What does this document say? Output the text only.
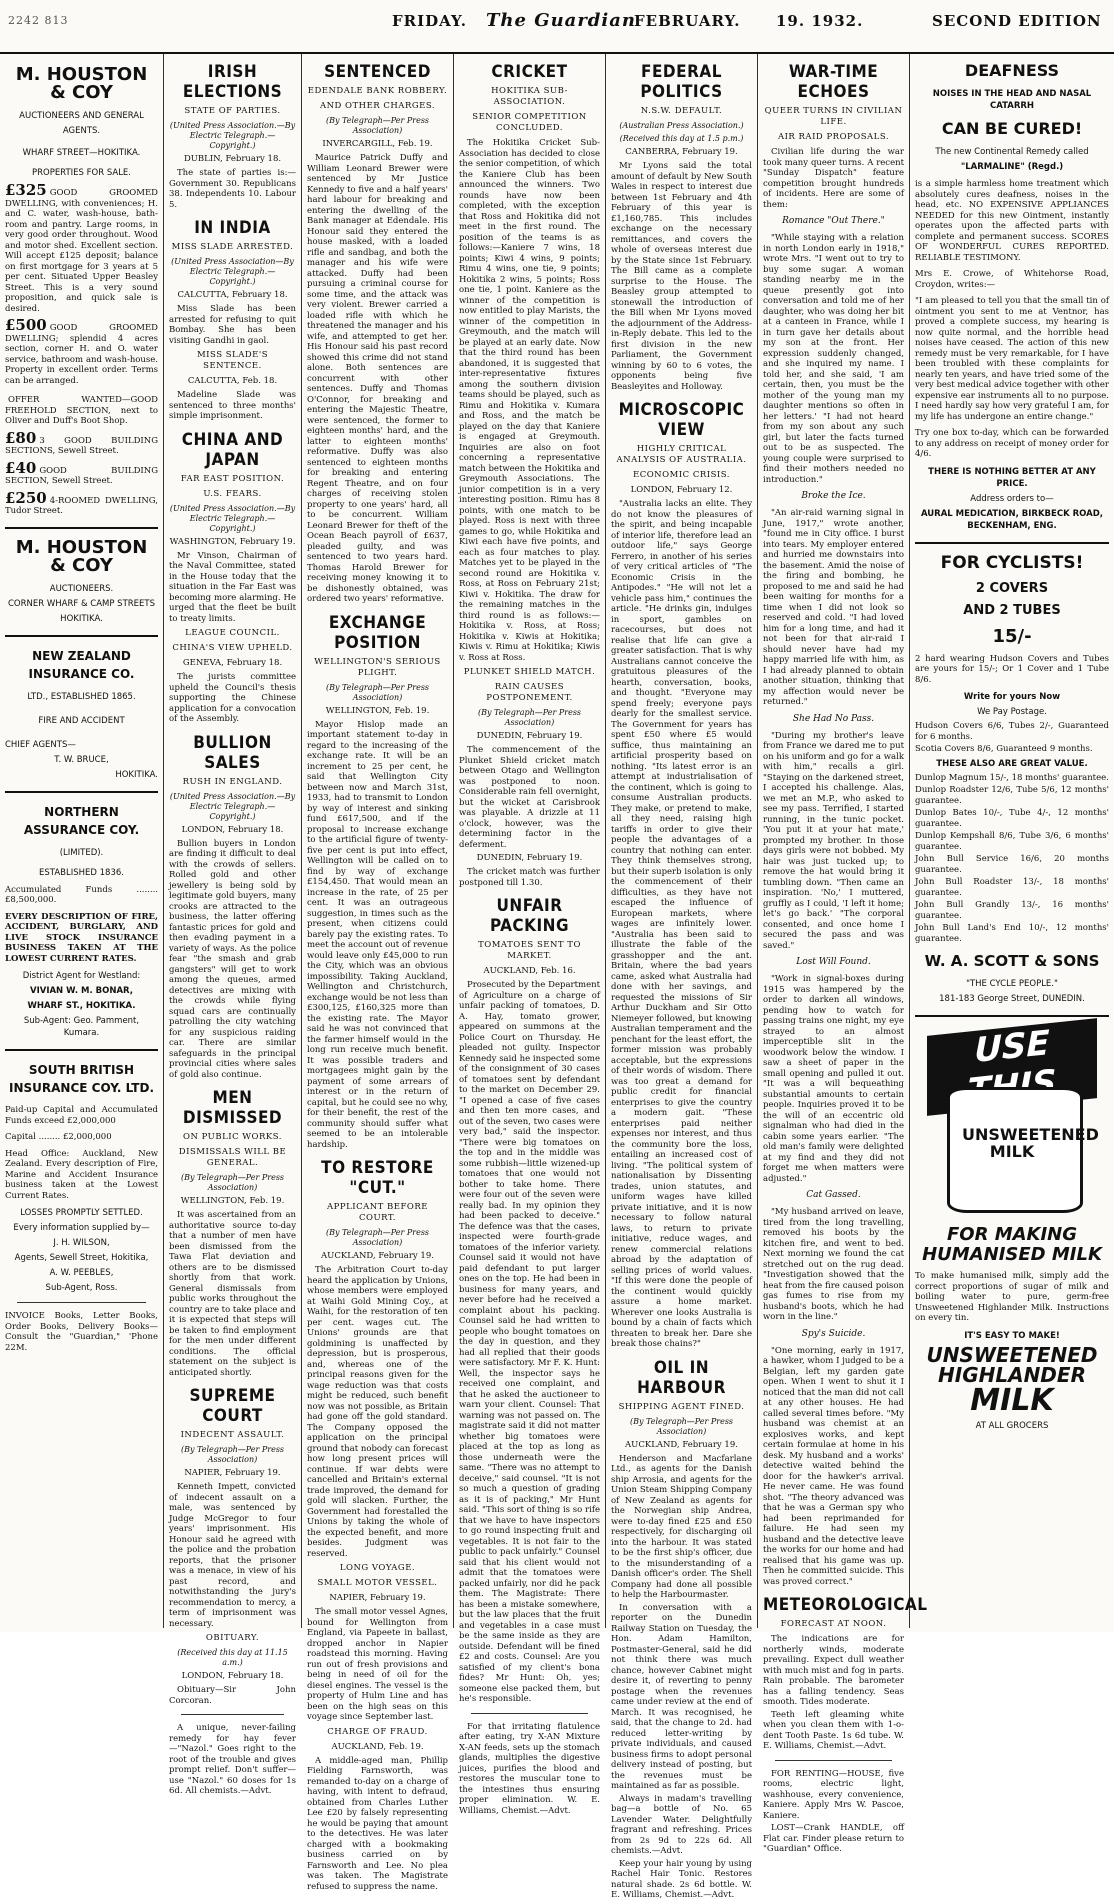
2242 813	FRIDAY. The Guardian
FEBRUARY. 19. 1932.	SECOND EDITION
M. HOUSTON & COY
AUCTIONEERS AND GENERAL
AGENTS.
WHARF STREET—HOKITIKA.
PROPERTIES FOR SALE.
£325 GOOD GROOMED DWELLING, with conveniences; H. and C. water, wash-house, bath-room and pantry. Large rooms, in very good order throughout. Wood and motor shed. Excellent section. Will accept £125 deposit; balance on first mortgage for 3 years at 5 per cent. Situated Upper Beasley Street. This is a very sound proposition, and quick sale is desired.
£500 GOOD GROOMED DWELLING; splendid 4 acres section, corner H. and O. water service, bathroom and wash-house. Property in excellent order. Terms can be arranged.
OFFER WANTED—GOOD FREEHOLD SECTION, next to Oliver and Duff's Boot Shop.
£80 3 GOOD BUILDING SECTIONS, Sewell Street.
£40 GOOD BUILDING SECTION, Sewell Street.
£250 4-ROOMED DWELLING, Tudor Street.
M. HOUSTON & COY
AUCTIONEERS.
CORNER WHARF & CAMP STREETS
HOKITIKA.
NEW ZEALAND INSURANCE CO.
LTD., ESTABLISHED 1865.
FIRE AND ACCIDENT
CHIEF AGENTS—
T. W. BRUCE,
HOKITIKA.
NORTHERN ASSURANCE COY.
(LIMITED).
ESTABLISHED 1836.
Accumulated Funds ........ £8,500,000.
EVERY DESCRIPTION OF FIRE, ACCIDENT, BURGLARY, AND LIVE STOCK INSURANCE BUSINESS TAKEN AT THE LOWEST CURRENT RATES.
District Agent for Westland:
VIVIAN W. M. BONAR,
WHARF ST., HOKITIKA.
Sub-Agent: Geo. Pamment, Kumara.
SOUTH BRITISH INSURANCE COY. LTD.
Paid-up Capital and Accumulated Funds exceed £2,000,000
Capital ........ £2,000,000
Head Office: Auckland, New Zealand. Every description of Fire, Marine and Accident Insurance business taken at the Lowest Current Rates.
LOSSES PROMPTLY SETTLED.
Every information supplied by—
J. H. WILSON,
Agents, Sewell Street, Hokitika,
A. W. PEEBLES,
Sub-Agent, Ross.
INVOICE Books, Letter Books, Order Books, Delivery Books—Consult the "Guardian," 'Phone 22M.
IRISH ELECTIONS
STATE OF PARTIES.
(United Press Association.—By Electric Telegraph.—Copyright.)
DUBLIN, February 18.
The state of parties is:— Government 30. Republicans 38. Independents 10. Labour 5.
IN INDIA
MISS SLADE ARRESTED.
(United Press Association—By Electric Telegraph.—Copyright.)
CALCUTTA, February 18.
Miss Slade has been arrested for refusing to quit Bombay. She has been visiting Gandhi in gaol.
MISS SLADE'S SENTENCE.
CALCUTTA, Feb. 18.
Madeline Slade was sentenced to three months' simple imprisonment.
CHINA AND JAPAN
FAR EAST POSITION.
U.S. FEARS.
(United Press Association.—By Electric Telegraph.—Copyright.)
WASHINGTON, February 19.
Mr Vinson, Chairman of the Naval Committee, stated in the House today that the situation in the Far East was becoming more alarming. He urged that the fleet be built to treaty limits.
LEAGUE COUNCIL.
CHINA'S VIEW UPHELD.
GENEVA, February 18.
The jurists committee upheld the Council's thesis supporting the Chinese application for a convocation of the Assembly.
BULLION SALES
RUSH IN ENGLAND.
(United Press Association.—By Electric Telegraph.—Copyright.)
LONDON, February 18.
Bullion buyers in London are finding it difficult to deal with the crowds of sellers. Rolled gold and other jewellery is being sold by legitimate gold buyers, many crooks are attracted to the business, the latter offering fantastic prices for gold and then evading payment in a variety of ways. As the police fear "the smash and grab gangsters" will get to work among the queues, armed detectives are mixing with the crowds while flying squad cars are continually patrolling the city watching for any suspicious raiding car. There are similar safeguards in the principal provincial cities where sales of gold also continue.
MEN DISMISSED
ON PUBLIC WORKS.
DISMISSALS WILL BE GENERAL.
(By Telegraph—Per Press Association)
WELLINGTON, Feb. 19.
It was ascertained from an authoritative source to-day that a number of men have been dismissed from the Tawa Flat deviation and others are to be dismissed shortly from that work. General dismissals from public works throughout the country are to take place and it is expected that steps will be taken to find employment for the men under different conditions. The official statement on the subject is anticipated shortly.
SUPREME COURT
INDECENT ASSAULT.
(By Telegraph—Per Press Association)
NAPIER, February 19.
Kenneth Impett, convicted of indecent assault on a male, was sentenced by Judge McGregor to four years' imprisonment. His Honour said he agreed with the police and the probation reports, that the prisoner was a menace, in view of his past record, and notwithstanding the jury's recommendation to mercy, a term of imprisonment was necessary.
OBITUARY.
(Received this day at 11.15 a.m.)
LONDON, February 18.
Obituary—Sir John Corcoran.
A unique, never-failing remedy for hay fever—"Nazol." Goes right to the root of the trouble and gives prompt relief. Don't suffer—use "Nazol." 60 doses for 1s 6d. All chemists.—Advt.
SENTENCED
EDENDALE BANK ROBBERY.
AND OTHER CHARGES.
(By Telegraph—Per Press Association)
INVERCARGILL, Feb. 19.
Maurice Patrick Duffy and William Leonard Brewer were sentenced by Mr Justice Kennedy to five and a half years' hard labour for breaking and entering the dwelling of the Bank manager at Edendale. His Honour said they entered the house masked, with a loaded rifle and sandbag, and both the manager and his wife were attacked. Duffy had been pursuing a criminal course for some time, and the attack was very violent. Brewer carried a loaded rifle with which he threatened the manager and his wife, and attempted to get her. His Honour said his past record showed this crime did not stand alone. Both sentences are concurrent with other sentences. Duffy and Thomas O'Connor, for breaking and entering the Majestic Theatre, were sentenced, the former to eighteen months' hard, and the latter to eighteen months' reformative. Duffy was also sentenced to eighteen months for breaking and entering Regent Theatre, and on four charges of receiving stolen property to one years' hard, all to be concurrent. William Leonard Brewer for theft of the Ocean Beach payroll of £637, pleaded guilty, and was sentenced to two years hard. Thomas Harold Brewer for receiving money knowing it to be dishonestly obtained, was ordered two years' reformative.
EXCHANGE POSITION
WELLINGTON'S SERIOUS PLIGHT.
(By Telegraph—Per Press Association)
WELLINGTON, Feb. 19.
Mayor Hislop made an important statement to-day in regard to the increasing of the exchange rate. It will be an increment to 25 per cent, he said that Wellington City between now and March 31st, 1933, had to transmit to London by way of interest and sinking fund £617,500, and if the proposal to increase exchange to the artificial figure of twenty-five per cent is put into effect, Wellington will be called on to find by way of exchange £154,450. That would mean an increase in the rate, of 25 per cent. It was an outrageous suggestion, in times such as the present, when citizens could barely pay the existing rates. To meet the account out of revenue would leave only £45,000 to run the City, which was an obvious impossibility. Taking Auckland, Wellington and Christchurch, exchange would be not less than £300,125, £160,325 more than the existing rate. The Mayor said he was not convinced that the farmer himself would in the long run receive much benefit. It was possible traders and mortgagees might gain by the payment of some arrears of interest or in the return of capital, but he could see no why, for their benefit, the rest of the community should suffer what seemed to be an intolerable hardship.
TO RESTORE "CUT."
APPLICANT BEFORE COURT.
(By Telegraph—Per Press Association)
AUCKLAND, February 19.
The Arbitration Court to-day heard the application by Unions, whose members were employed at Waihi Gold Mining Coy., at Waihi, for the restoration of ten per cent. wages cut. The Unions' grounds are that goldmining is unaffected by depression, but is prosperous, and, whereas one of the principal reasons given for the wage reduction was that costs might be reduced, such benefit now was not possible, as Britain had gone off the gold standard. The Company opposed the application on the principal ground that nobody can forecast how long present prices will continue. If war debts were cancelled and Britain's external trade improved, the demand for gold will slacken. Further, the Government had forestalled the Unions by taking the whole of the expected benefit, and more besides. Judgment was reserved.
LONG VOYAGE.
SMALL MOTOR VESSEL.
NAPIER, February 19.
The small motor vessel Agnes, bound for Wellington from England, via Papeete in ballast, dropped anchor in Napier roadstead this morning. Having run out of fresh provisions and being in need of oil for the diesel engines. The vessel is the property of Hulm Line and has been on the high seas on this voyage since September last.
CHARGE OF FRAUD.
AUCKLAND, Feb. 19.
A middle-aged man, Phillip Fielding Farnsworth, was remanded to-day on a charge of having, with intent to defraud, obtained from Charles Luther Lee £20 by falsely representing he would be paying that amount to the detectives. He was later charged with a bookmaking business carried on by Farnsworth and Lee. No plea was taken. The Magistrate refused to suppress the name.
CRICKET
HOKITIKA SUB-ASSOCIATION.
SENIOR COMPETITION CONCLUDED.
The Hokitika Cricket Sub-Association has decided to close the senior competition, of which the Kaniere Club has been announced the winners. Two rounds have now been completed, with the exception that Ross and Hokitika did not meet in the first round. The position of the teams is as follows:—Kaniere 7 wins, 18 points; Kiwi 4 wins, 9 points; Rimu 4 wins, one tie, 9 points; Hokitika 2 wins, 5 points; Ross one tie, 1 point. Kaniere as the winner of the competition is now entitled to play Marists, the winner of the competition in Greymouth, and the match will be played at an early date. Now that the third round has been abandoned, it is suggested that inter-representative fixtures among the southern division teams should be played, such as Rimu and Hokitika v. Kumara and Ross, and the match be played on the day that Kaniere is engaged at Greymouth. Inquiries are also on foot concerning a representative match between the Hokitika and Greymouth Associations. The junior competition is in a very interesting position. Rimu has 8 points, with one match to be played. Ross is next with three games to go, while Hokitika and Kiwi each have five points, and each as four matches to play. Matches yet to be played in the second round are Hokitika v. Ross, at Ross on February 21st; Kiwi v. Hokitika. The draw for the remaining matches in the third round is as follows:—Hokitika v. Ross, at Ross; Hokitika v. Kiwis at Hokitika; Kiwis v. Rimu at Hokitika; Kiwis v. Ross at Ross.
PLUNKET SHIELD MATCH.
RAIN CAUSES POSTPONEMENT.
(By Telegraph—Per Press Association)
DUNEDIN, February 19.
The commencement of the Plunket Shield cricket match between Otago and Wellington was postponed to noon. Considerable rain fell overnight, but the wicket at Carisbrook was playable. A drizzle at 11 o'clock, however, was the determining factor in the deferment.
DUNEDIN, February 19.
The cricket match was further postponed till 1.30.
UNFAIR PACKING
TOMATOES SENT TO MARKET.
AUCKLAND, Feb. 16.
Prosecuted by the Department of Agriculture on a charge of unfair packing of tomatoes, D. A. Hay, tomato grower, appeared on summons at the Police Court on Thursday. He pleaded not guilty. Inspector Kennedy said he inspected some of the consignment of 30 cases of tomatoes sent by defendant to the market on December 29. "I opened a case of five cases and then ten more cases, and out of the seven, two cases were very bad," said the inspector. "There were big tomatoes on the top and in the middle was some rubbish—little wizened-up tomatoes that one would not bother to take home. There were four out of the seven were really bad. In my opinion they had been packed to deceive." The defence was that the cases, inspected were fourth-grade tomatoes of the inferior variety. Counsel said it would not have paid defendant to put larger ones on the top. He had been in business for many years, and never before had he received a complaint about his packing. Counsel said he had written to people who bought tomatoes on the day in question, and they had all replied that their goods were satisfactory. Mr F. K. Hunt: Well, the inspector says he received one complaint, and that he asked the auctioneer to warn your client. Counsel: That warning was not passed on. The magistrate said it did not matter whether big tomatoes were placed at the top as long as those underneath were the same. "There was no attempt to deceive," said counsel. "It is not so much a question of grading as it is of packing," Mr Hunt said. "This sort of thing is so rife that we have to have inspectors to go round inspecting fruit and vegetables. It is not fair to the public to pack unfairly." Counsel said that his client would not admit that the tomatoes were packed unfairly, nor did he pack them. The Magistrate: There has been a mistake somewhere, but the law places that the fruit and vegetables in a case must be the same inside as they are outside. Defendant will be fined £2 and costs. Counsel: Are you satisfied of my client's bona fides? Mr Hunt: Oh, yes; someone else packed them, but he's responsible.
For that irritating flatulence after eating, try X-AN Mixture X-AN feeds, sets up the stomach glands, multiplies the digestive juices, purifies the blood and restores the muscular tone to the intestines thus ensuring proper elimination. W. E. Williams, Chemist.—Advt.
FEDERAL POLITICS
N.S.W. DEFAULT.
(Australian Press Association.)
(Received this day at 1.5 p.m.)
CANBERRA, February 19.
Mr Lyons said the total amount of default by New South Wales in respect to interest due between 1st February and 4th February of this year is £1,160,785. This includes exchange on the necessary remittances, and covers the whole of overseas interest due by the State since 1st February. The Bill came as a complete surprise to the House. The Beasley group attempted to stonewall the introduction of the Bill when Mr Lyons moved the adjournment of the Address-in-Reply debate. This led to the first division in the new Parliament, the Government winning by 60 to 6 votes, the opponents being five Beasleyites and Holloway.
MICROSCOPIC VIEW
HIGHLY CRITICAL ANALYSIS OF AUSTRALIA.
ECONOMIC CRISIS.
LONDON, February 12.
"Australia lacks an elite. They do not know the pleasures of the spirit, and being incapable of interior life, therefore lead an outdoor life," says George Ferrero, in another of his series of very critical articles of "The Economic Crisis in the Antipodes." "He will not let a vehicle pass him," continues the article. "He drinks gin, indulges in sport, gambles on racecourses, but does not realise that life can give a greater satisfaction. That is why Australians cannot conceive the gratuitous pleasures of the hearth, conversation, books, and thought. "Everyone may spend freely; everyone pays dearly for the smallest service. The Government for years has spent £50 where £5 would suffice, thus maintaining an artificial prosperity based on nothing. "Its latest error is an attempt at industrialisation of the continent, which is going to consume Australian products. They make, or pretend to make, all they need, raising high tariffs in order to give their people the advantages of a country that nothing can enter. They think themselves strong, but their superb isolation is only the commencement of their difficulties, as they have not escaped the influence of European markets, where wages are infinitely lower. "Australia has been said to illustrate the fable of the grasshopper and the ant. Britain, where the bad years came, asked what Australia had done with her savings, and requested the missions of Sir Arthur Duckham and Sir Otto Niemeyer followed, but knowing Australian temperament and the penchant for the least effort, the former mission was probably acceptable, but the expressions of their words of wisdom. There was too great a demand for public credit for financial enterprises to give the country a modern gait. "These enterprises paid neither expenses nor interest, and thus the community bore the loss, entailing an increased cost of living. "The political system of nationalisation by Dissenting trades, union statutes, and uniform wages have killed private initiative, and it is now necessary to follow natural laws, to return to private initiative, reduce wages, and renew commercial relations abroad by the adaptation of selling prices of world values. "If this were done the people of the continent would quickly assure a home market. Wherever one looks Australia is bound by a chain of facts which threaten to break her. Dare she break those chains?"
OIL IN HARBOUR
SHIPPING AGENT FINED.
(By Telegraph—Per Press Association)
AUCKLAND, February 19.
Henderson and Macfarlane Ltd., as agents for the Danish ship Arrosia, and agents for the Union Steam Shipping Company of New Zealand as agents for the Norwegian ship Andrea, were to-day fined £25 and £50 respectively, for discharging oil into the harbour. It was stated to be the first ship's officer, due to the misunderstanding of a Danish officer's order. The Shell Company had done all possible to help the Harbourmaster.
In conversation with a reporter on the Dunedin Railway Station on Tuesday, the Hon. Adam Hamilton, Postmaster-General, said he did not think there was much chance, however Cabinet might desire it, of reverting to penny postage when the revenues came under review at the end of March. It was recognised, he said, that the change to 2d. had reduced letter-writing by private individuals, and caused business firms to adopt personal delivery instead of posting, but the revenues must be maintained as far as possible.
Always in madam's travelling bag—a bottle of No. 65 Lavender Water. Delightfully fragrant and refreshing. Prices from 2s 9d to 22s 6d. All chemists.—Advt.
Keep your hair young by using Rachel Hair Tonic. Restores natural shade. 2s 6d bottle. W. E. Williams, Chemist.—Advt.
WAR-TIME ECHOES
QUEER TURNS IN CIVILIAN LIFE.
AIR RAID PROPOSALS.
Civilian life during the war took many queer turns. A recent "Sunday Dispatch" feature competition brought hundreds of incidents. Here are some of them:
Romance "Out There."
"While staying with a relation in north London early in 1918," wrote Mrs. "I went out to try to buy some sugar. A woman standing nearby me in the queue presently got into conversation and told me of her daughter, who was doing her bit at a canteen in France, while I in turn gave her details about my son at the front. Her expression suddenly changed, and she inquired my name. I told her, and she said, 'I am certain, then, you must be the mother of the young man my daughter mentions so often in her letters.' "I had not heard from my son about any such girl, but later the facts turned out to be as suspected. The young couple were surprised to find their mothers needed no introduction."
Broke the Ice.
"An air-raid warning signal in June, 1917," wrote another, "found me in City office. I burst into tears. My employer entered and hurried me downstairs into the basement. Amid the noise of the firing and bombing, he proposed to me and said he had been waiting for months for a time when I did not look so reserved and cold. "I had loved him for a long time, and had it not been for that air-raid I should never have had my happy married life with him, as I had already planned to obtain another situation, thinking that my affection would never be returned."
She Had No Pass.
"During my brother's leave from France we dared me to put on his uniform and go for a walk with him," recalls a girl. "Staying on the darkened street, I accepted his challenge. Alas, we met an M.P., who asked to see my pass. Terrified, I started running, in the tunic pocket. 'You put it at your hat mate,' prompted my brother. In those days girls were not bobbed. My hair was just tucked up; to remove the hat would bring it tumbling down. "Then came an inspiration. 'No,' I muttered, gruffly as I could, 'I left it home; let's go back.' "The corporal consented, and once home I secured the pass and was saved."
Lost Will Found.
"Work in signal-boxes during 1915 was hampered by the order to darken all windows, pending how to watch for passing trains one night, my eye strayed to an almost imperceptible slit in the woodwork below the window. I saw a sheet of paper in the small opening and pulled it out. "It was a will bequeathing substantial amounts to certain people. Inquiries proved it to be the will of an eccentric old signalman who had died in the cabin some years earlier. "The old man's family were delighted at my find and they did not forget me when matters were adjusted."
Cat Gassed.
"My husband arrived on leave, tired from the long travelling, removed his boots by the kitchen fire, and went to bed. Next morning we found the cat stretched out on the rug dead. "Investigation showed that the heat from the fire caused poison gas fumes to rise from my husband's boots, which he had worn in the line."
Spy's Suicide.
"One morning, early in 1917, a hawker, whom I judged to be a Belgian, left my garden gate open. When I went to shut it I noticed that the man did not call at any other houses. He had called several times before. "My husband was chemist at an explosives works, and kept certain formulae at home in his desk. My husband and a works' detective waited behind the door for the hawker's arrival. He never came. He was found shot. "The theory advanced was that he was a German spy who had been reprimanded for failure. He had seen my husband and the detective leave the works for our home and had realised that his game was up. Then he committed suicide. This was proved correct."
METEOROLOGICAL
FORECAST AT NOON.
The indications are for northerly winds, moderate prevailing. Expect dull weather with much mist and fog in parts. Rain probable. The barometer has a falling tendency. Seas smooth. Tides moderate.
Teeth left gleaming white when you clean them with 1-o-dent Tooth Paste. 1s 6d tube. W. E. Williams, Chemist.—Advt.
FOR RENTING—HOUSE, five rooms, electric light, washhouse, every convenience, Kaniere. Apply Mrs W. Pascoe, Kaniere.
LOST—Crank HANDLE, off Flat car. Finder please return to "Guardian" Office.
DEAFNESS
NOISES IN THE HEAD AND NASAL CATARRH
CAN BE CURED!
The new Continental Remedy called
"LARMALINE" (Regd.)
is a simple harmless home treatment which absolutely cures deafness, noises in the head, etc. NO EXPENSIVE APPLIANCES NEEDED for this new Ointment, instantly operates upon the affected parts with complete and permanent success. SCORES OF WONDERFUL CURES REPORTED. RELIABLE TESTIMONY.
Mrs E. Crowe, of Whitehorse Road, Croydon, writes:—
"I am pleased to tell you that the small tin of ointment you sent to me at Ventnor, has proved a complete success, my hearing is now quite normal, and the horrible head noises have ceased. The action of this new remedy must be very remarkable, for I have been troubled with these complaints for nearly ten years, and have tried some of the very best medical advice together with other expensive ear instruments all to no purpose. I need hardly say how very grateful I am, for my life has undergone an entire change."
Try one box to-day, which can be forwarded to any address on receipt of money order for 4/6.
THERE IS NOTHING BETTER AT ANY PRICE.
Address orders to—
AURAL MEDICATION, BIRKBECK ROAD, BECKENHAM, ENG.
FOR CYCLISTS!
2 COVERS
AND 2 TUBES
15/-
2 hard wearing Hudson Covers and Tubes are yours for 15/-; Or 1 Cover and 1 Tube 8/6.
Write for yours Now
We Pay Postage.
Hudson Covers 6/6, Tubes 2/-, Guaranteed for 6 months.
Scotia Covers 8/6, Guaranteed 9 months.
THESE ALSO ARE GREAT VALUE.
Dunlop Magnum 15/-, 18 months' guarantee.
Dunlop Roadster 12/6, Tube 5/6, 12 months' guarantee.
Dunlop Bates 10/-, Tube 4/-, 12 months' guarantee.
Dunlop Kempshall 8/6, Tube 3/6, 6 months' guarantee.
John Bull Service 16/6, 20 months guarantee.
John Bull Roadster 13/-, 18 months' guarantee.
John Bull Grandly 13/-, 16 months' guarantee.
John Bull Land's End 10/-, 12 months' guarantee.
W. A. SCOTT & SONS
"THE CYCLE PEOPLE."
181-183 George Street, DUNEDIN.
USE
UNSWEETENED MILK
FOR MAKING HUMANISED MILK
To make humanised milk, simply add the correct proportions of sugar of milk and boiling water to pure, germ-free Unsweetened Highlander Milk. Instructions on every tin.
IT'S EASY TO MAKE!
UNSWEETENED
HIGHLANDER
MILK
AT ALL GROCERS
